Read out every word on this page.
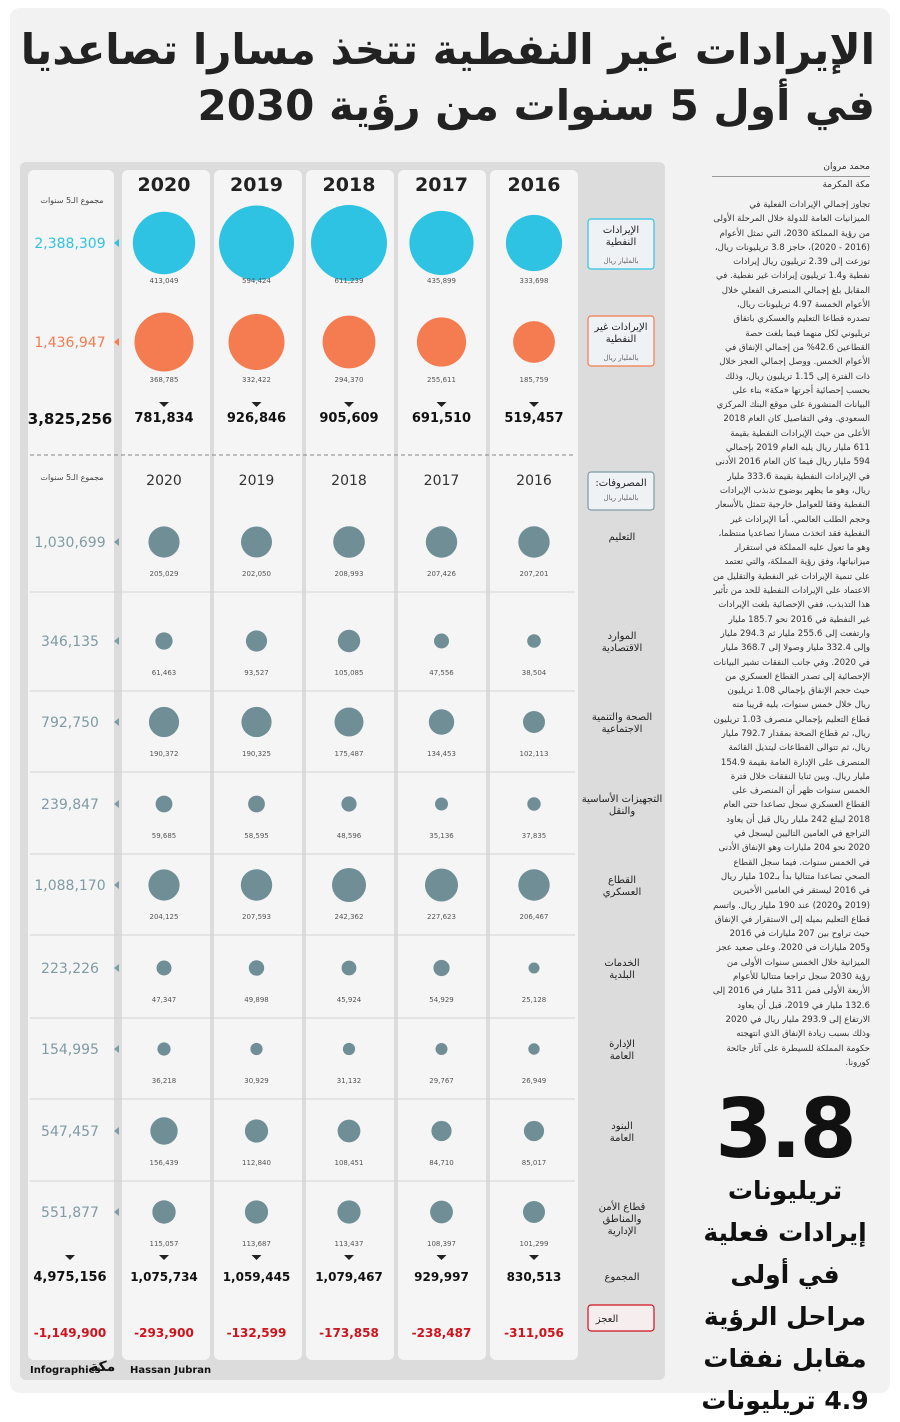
الإيرادات غير النفطية تتخذ مسارا تصاعديا
في أول 5 سنوات من رؤية 2030
2016
2017
2018
2019
2020
مجموع الـ5 سنوات
الإيرادات
النفطية
بالمليار ريال
333,698
435,899
611,239
594,424
413,049
2,388,309
الإيرادات غير
النفطية
بالمليار ريال
185,759
255,611
294,370
332,422
368,785
1,436,947
519,457
691,510
905,609
926,846
781,834
3,825,256
2016
2017
2018
2019
2020
مجموع الـ5 سنوات
المصروفات:
بالمليار ريال
التعليم
207,201
207,426
208,993
202,050
205,029
1,030,699
الموارد
الاقتصادية
38,504
47,556
105,085
93,527
61,463
346,135
الصحة والتنمية
الاجتماعية
102,113
134,453
175,487
190,325
190,372
792,750
التجهيزات الأساسية
والنقل
37,835
35,136
48,596
58,595
59,685
239,847
القطاع
العسكري
206,467
227,623
242,362
207,593
204,125
1,088,170
الخدمات
البلدية
25,128
54,929
45,924
49,898
47,347
223,226
الإدارة
العامة
26,949
29,767
31,132
30,929
36,218
154,995
البنود
العامة
85,017
84,710
108,451
112,840
156,439
547,457
قطاع الأمن
والمناطق
الإدارية
101,299
108,397
113,437
113,687
115,057
551,877
830,513
929,997
1,079,467
1,059,445
1,075,734
4,975,156	المجموع
العجز
-311,056
-238,487
-173,858
-132,599
-293,900
-1,149,900
محمد مروان
مكة المكرمة
تجاوز إجمالي الإيرادات الفعلية في الميزانيات العامة للدولة خلال المرحلة الأولى من رؤية المملكة 2030، التي تمثل الأعوام (2016 - 2020)، حاجز 3.8 تريليونات ريال، توزعت إلى 2.39 تريليون ريال إيرادات نفطية و1.4 تريليون إيرادات غير نفطية. في المقابل بلغ إجمالي المنصرف الفعلي خلال الأعوام الخمسة 4.97 تريليونات ريال، تصدره قطاعا التعليم والعسكري باتفاق تريليوني لكل منهما فيما بلغت حصة القطاعين 42.6% من إجمالي الإنفاق في الأعوام الخمس. ووصل إجمالي العجز خلال ذات الفترة إلى 1.15 تريليون ريال، وذلك بحسب إحصائية أجرتها «مكة» بناء على البيانات المنشورة على موقع البنك المركزي السعودي. وفي التفاصيل كان العام 2018 الأعلى من حيث الإيرادات النفطية بقيمة 611 مليار ريال يليه العام 2019 بإجمالي 594 مليار ريال فيما كان العام 2016 الأدنى في الإيرادات النفطية بقيمة 333.6 مليار ريال، وهو ما يظهر بوضوح تذبذب الإيرادات النفطية وفقا للعوامل خارجية تتمثل بالأسعار وحجم الطلب العالمي. أما الإيرادات غير النفطية فقد اتخذت مسارا تصاعديا منتظما، وهو ما تعول عليه المملكة في استقرار ميزانياتها، وفق رؤية المملكة، والتي تعتمد على تنمية الإيرادات غير النفطية والتقليل من الاعتماد على الإيرادات النفطية للحد من تأثير هذا التذبذب، ففي الإحصائية بلغت الإيرادات غير النفطية في 2016 نحو 185.7 مليار وارتفعت إلى 255.6 مليار ثم 294.3 مليار وإلى 332.4 مليار وصولا إلى 368.7 مليار في 2020. وفي جانب النفقات تشير البيانات الإحصائية إلى تصدر القطاع العسكري من حيث حجم الإنفاق بإجمالي 1.08 تريليون ريال خلال خمس سنوات، يليه قريبا منه قطاع التعليم بإجمالي منصرف 1.03 تريليون ريال، ثم قطاع الصحة بمقدار 792.7 مليار ريال، ثم تتوالى القطاعات ليتذيل القائمة المنصرف على الإدارة العامة بقيمة 154.9 مليار ريال. وبين ثنايا النفقات خلال فترة الخمس سنوات ظهر أن المنصرف على القطاع العسكري سجل تصاعدا حتى العام 2018 ليبلغ 242 مليار ريال قبل أن يعاود التراجع في العامين التاليين ليسجل في 2020 نحو 204 مليارات وهو الإنفاق الأدنى في الخمس سنوات. فيما سجل القطاع الصحي تصاعدا متتاليا بدأ بـ102 مليار ريال في 2016 ليستقر في العامين الأخيرين (2019 و2020) عند 190 مليار ريال. واتسم قطاع التعليم بميله إلى الاستقرار في الإنفاق حيث تراوح بين 207 مليارات في 2016 و205 مليارات في 2020. وعلى صعيد عجز الميزانية خلال الخمس سنوات الأولى من رؤية 2030 سجل تراجعا متتاليا للأعوام الأربعة الأولى فمن 311 مليار في 2016 إلى 132.6 مليار في 2019، قبل أن يعاود الارتفاع إلى 293.9 مليار ريال في 2020 وذلك بسبب زيادة الإنفاق الذي انتهجته حكومة المملكة للسيطرة على آثار جائحة كورونا.
3.8
تريليونات إيرادات فعلية في أولى مراحل الرؤية مقابل نفقات 4.9 تريليونات
Infographics
مكة Hassan Jubran
